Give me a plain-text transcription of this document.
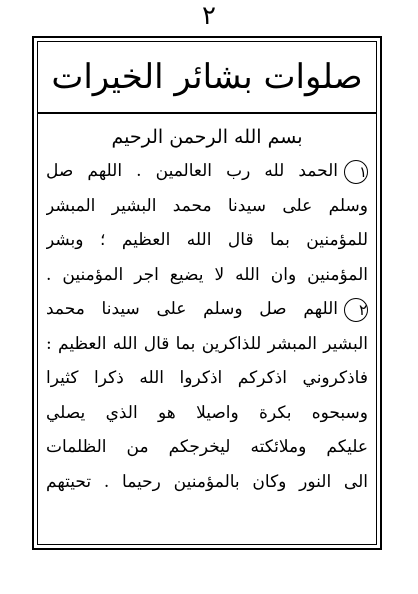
٢
صلوات بشائر الخيرات
بسم الله الرحمن الرحيم
١الحمد لله رب العالمين . اللهم صل
وسلم على سيدنا محمد البشير المبشر
للمؤمنين بما قال الله العظيم ؛ وبشر
المؤمنين وان الله لا يضيع اجر المؤمنين .
٢اللهم صل وسلم على سيدنا محمد
البشير المبشر للذاكرين بما قال الله العظيم :
فاذكروني اذكركم اذكروا الله ذكرا كثيرا
وسبحوه بكرة واصيلا هو الذي يصلي
عليكم وملائكته ليخرجكم من الظلمات
الى النور وكان بالمؤمنين رحيما . تحيتهم
